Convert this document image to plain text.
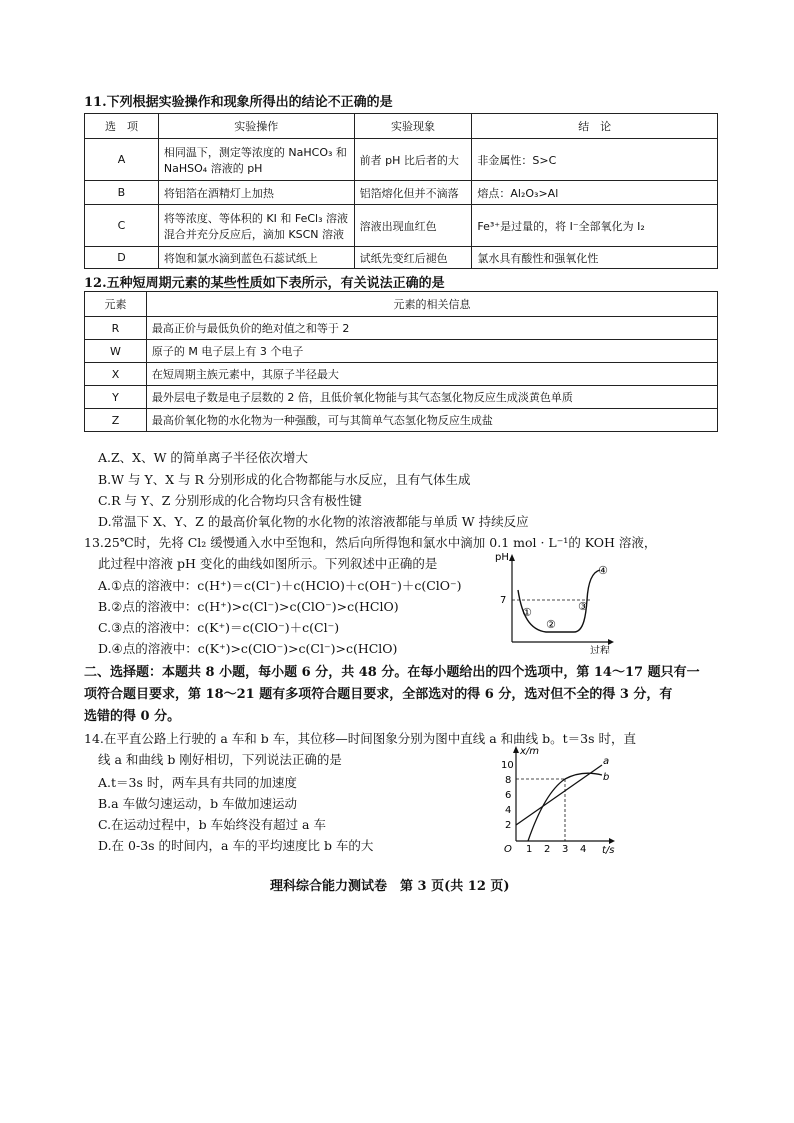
11.下列根据实验操作和现象所得出的结论不正确的是
选　项	实验操作	实验现象	结　论
A	相同温下，测定等浓度的 NaHCO₃ 和 NaHSO₄ 溶液的 pH	前者 pH 比后者的大	非金属性：S>C
B	将铝箔在酒精灯上加热	铝箔熔化但并不滴落	熔点：Al₂O₃>Al
C	将等浓度、等体积的 KI 和 FeCl₃ 溶液混合并充分反应后，滴加 KSCN 溶液	溶液出现血红色	Fe³⁺是过量的，将 I⁻全部氧化为 I₂
D	将饱和氯水滴到蓝色石蕊试纸上	试纸先变红后褪色	氯水具有酸性和强氧化性
12.五种短周期元素的某些性质如下表所示，有关说法正确的是
元素	元素的相关信息
R	最高正价与最低负价的绝对值之和等于 2
W	原子的 M 电子层上有 3 个电子
X	在短周期主族元素中，其原子半径最大
Y	最外层电子数是电子层数的 2 倍，且低价氧化物能与其气态氢化物反应生成淡黄色单质
Z	最高价氧化物的水化物为一种强酸，可与其简单气态氢化物反应生成盐
A.Z、X、W 的简单离子半径依次增大
B.W 与 Y、X 与 R 分别形成的化合物都能与水反应，且有气体生成
C.R 与 Y、Z 分别形成的化合物均只含有极性键
D.常温下 X、Y、Z 的最高价氧化物的水化物的浓溶液都能与单质 W 持续反应
13.25℃时，先将 Cl₂ 缓慢通入水中至饱和，然后向所得饱和氯水中滴加 0.1 mol · L⁻¹的 KOH 溶液，
此过程中溶液 pH 变化的曲线如图所示。下列叙述中正确的是
A.①点的溶液中：c(H⁺)＝c(Cl⁻)＋c(HClO)＋c(OH⁻)＋c(ClO⁻)
B.②点的溶液中：c(H⁺)>c(Cl⁻)>c(ClO⁻)>c(HClO)
C.③点的溶液中：c(K⁺)＝c(ClO⁻)＋c(Cl⁻)
D.④点的溶液中：c(K⁺)>c(ClO⁻)>c(Cl⁻)>c(HClO)
pH
过程
7
①
②
③
④
二、选择题：本题共 8 小题，每小题 6 分，共 48 分。在每小题给出的四个选项中，第 14～17 题只有一
项符合题目要求，第 18～21 题有多项符合题目要求，全部选对的得 6 分，选对但不全的得 3 分，有
选错的得 0 分。
14.在平直公路上行驶的 a 车和 b 车，其位移—时间图象分别为图中直线 a 和曲线 b。t＝3s 时，直
线 a 和曲线 b 刚好相切，下列说法正确的是
A.t＝3s 时，两车具有共同的加速度
B.a 车做匀速运动，b 车做加速运动
C.在运动过程中，b 车始终没有超过 a 车
D.在 0-3s 的时间内，a 车的平均速度比 b 车的大
x/m
t/s
O
2
4
6
8
10
1 2 3 4
a
b
理科综合能力测试卷　第 3 页(共 12 页)
